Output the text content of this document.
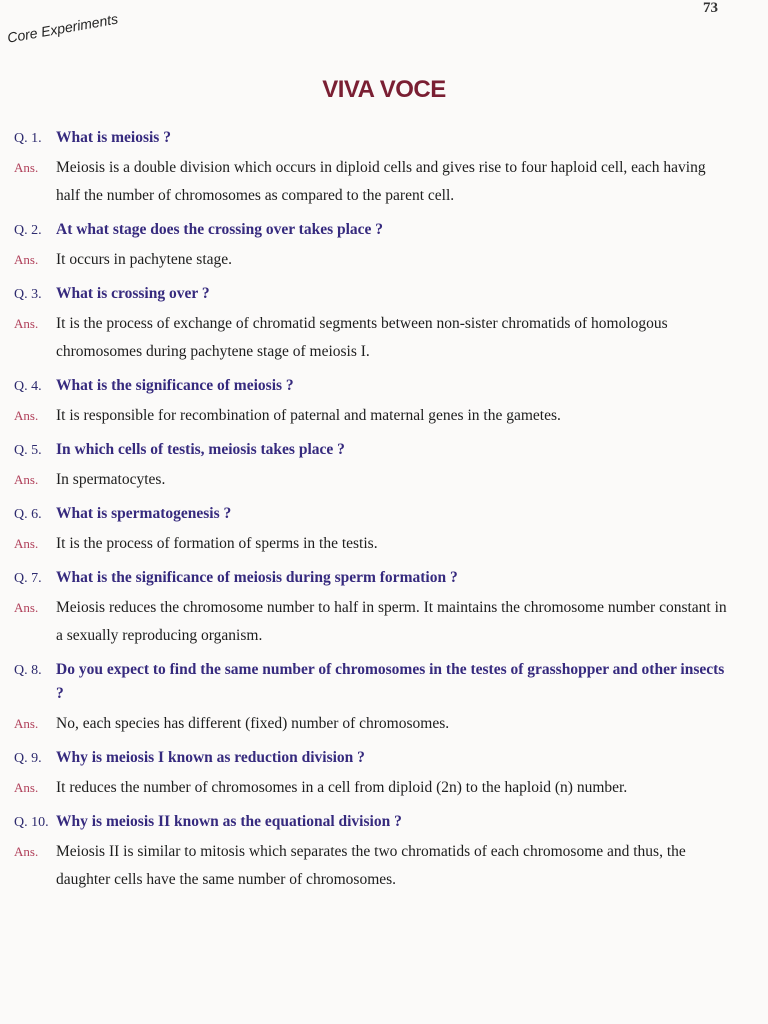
73
Core Experiments
VIVA VOCE
Q. 1. What is meiosis ?
Ans.	Meiosis is a double division which occurs in diploid cells and gives rise to four haploid cell, each having half the number of chromosomes as compared to the parent cell.
Q. 2. At what stage does the crossing over takes place ?
Ans.	It occurs in pachytene stage.
Q. 3. What is crossing over ?
Ans.	It is the process of exchange of chromatid segments between non-sister chromatids of homologous chromosomes during pachytene stage of meiosis I.
Q. 4. What is the significance of meiosis ?
Ans.	It is responsible for recombination of paternal and maternal genes in the gametes.
Q. 5. In which cells of testis, meiosis takes place ?
Ans.	In spermatocytes.
Q. 6. What is spermatogenesis ?
Ans.	It is the process of formation of sperms in the testis.
Q. 7. What is the significance of meiosis during sperm formation ?
Ans.	Meiosis reduces the chromosome number to half in sperm. It maintains the chromosome number constant in a sexually reproducing organism.
Q. 8. Do you expect to find the same number of chromosomes in the testes of grasshopper and other insects ?
Ans.	No, each species has different (fixed) number of chromosomes.
Q. 9. Why is meiosis I known as reduction division ?
Ans.	It reduces the number of chromosomes in a cell from diploid (2n) to the haploid (n) number.
Q. 10. Why is meiosis II known as the equational division ?
Ans.	Meiosis II is similar to mitosis which separates the two chromatids of each chromosome and thus, the daughter cells have the same number of chromosomes.
